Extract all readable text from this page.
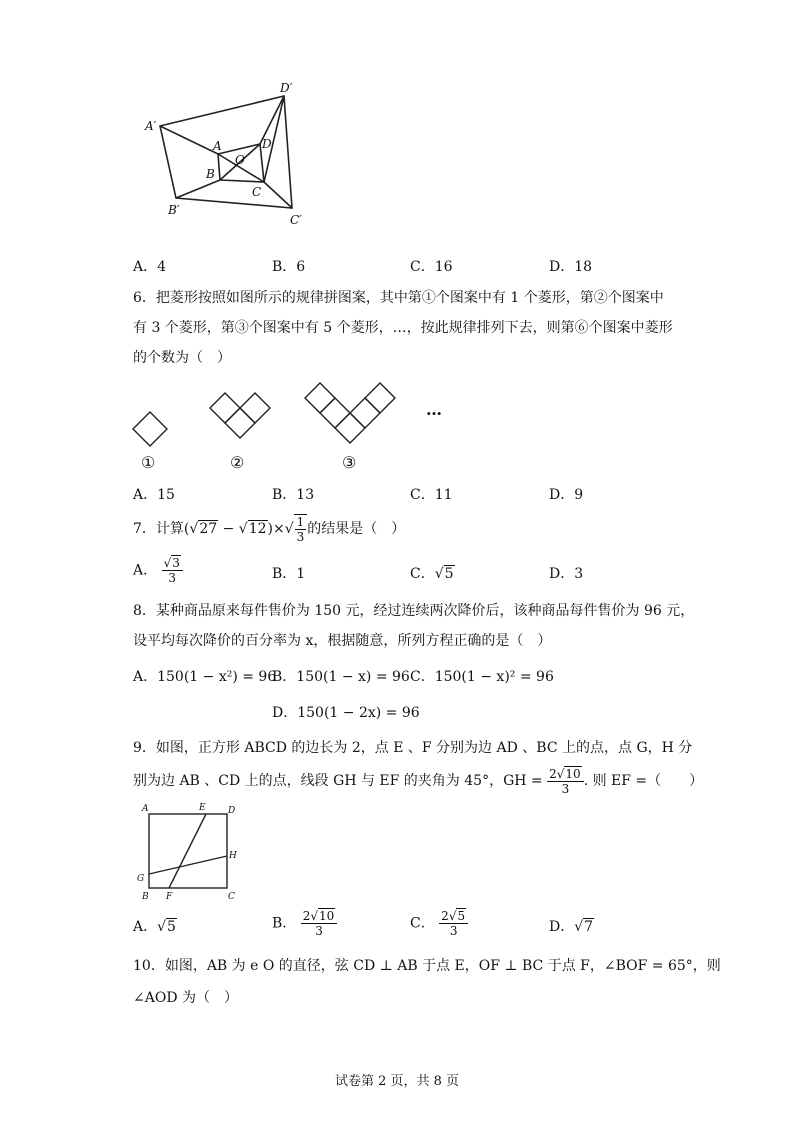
A′
D′
B′
C′
A
B
C
D
O
A．4	B．6	C．16	D．18
6．把菱形按照如图所示的规律拼图案，其中第①个图案中有 1 个菱形，第②个图案中
有 3 个菱形，第③个图案中有 5 个菱形，…，按此规律排列下去，则第⑥个图案中菱形
的个数为（　）
①	②	③
…
A．15	B．13	C．11	D．9
7．计算$(√27 - √12)\times√ \frac{1}{3}$ 的结果是（　）
A． $\frac{√3}{3}$	B．1	C．√5	D．3
8．某种商品原来每件售价为 150 元，经过连续两次降价后，该种商品每件售价为 96 元，
设平均每次降价的百分率为 x，根据随意，所列方程正确的是（　）
A．150(1 − x²) = 96
B．150(1 − x) = 96 C．150(1 − x)² = 96
D．150(1 − 2x) = 96
9．如图，正方形 ABCD 的边长为 2，点 E 、F 分别为边 AD 、BC 上的点，点 G，H 分
别为边 AB 、CD 上的点，线段 GH 与 EF 的夹角为 45°，GH = $\frac{2√10}{3}$ . 则 EF =（　　）
A	E D
H
G
B F	C
A．√5	B． $\frac{2√10}{3}$	C． $\frac{2√5}{3}$	D．√7
10．如图，AB 为 e O 的直径，弦 CD ⊥ AB 于点 E，OF ⊥ BC 于点 F，∠BOF = 65°，则
∠AOD 为（　）
试卷第 2 页，共 8 页
